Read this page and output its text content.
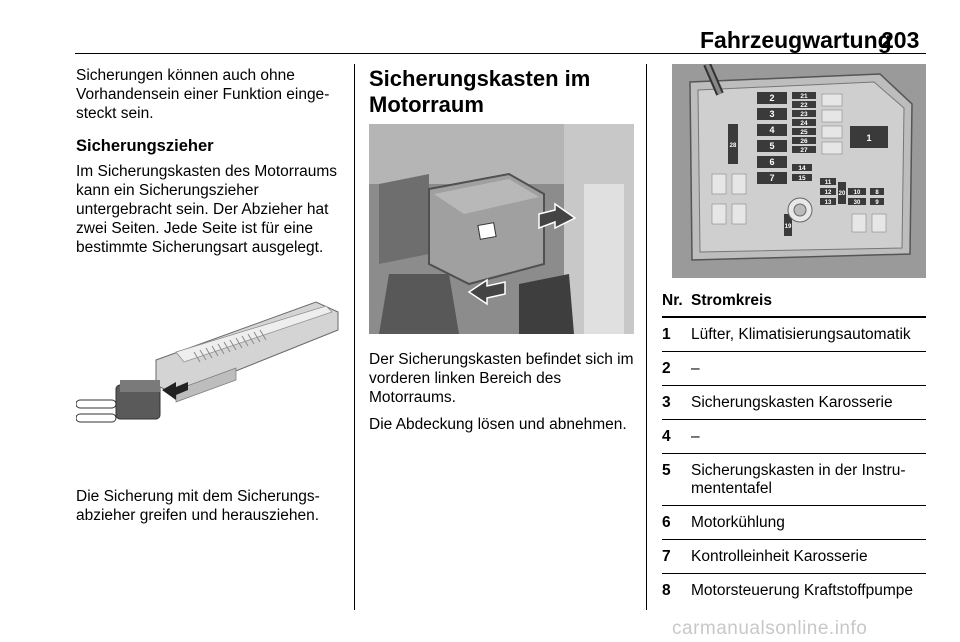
Fahrzeugwartung
203

Sicherungen können auch ohne Vorhandensein einer Funktion eingesteckt sein.

Sicherungszieher

Im Sicherungskasten des Motorraums kann ein Sicherungszieher untergebracht sein. Der Abzieher hat zwei Seiten. Jede Seite ist für eine bestimmte Sicherungsart ausgelegt.

Die Sicherung mit dem Sicherungsabzieher greifen und herausziehen.

Sicherungskasten im Motorraum

Der Sicherungskasten befindet sich im vorderen linken Bereich des Motorraums.

Die Abdeckung lösen und abnehmen.

2
3
4
5
6
7
21
22
23
24
25
26
27
14
15
11
12
13
10
30 9
8
20
28
1
19
Nr. Stromkreis
1	Lüfter, Klimatisierungsautomatik
2	–
3	Sicherungskasten Karosserie
4	–
5	Sicherungskasten in der Instrumententafel
6	Motorkühlung
7	Kontrolleinheit Karosserie
8	Motorsteuerung Kraftstoffpumpe
carmanualsonline.info
